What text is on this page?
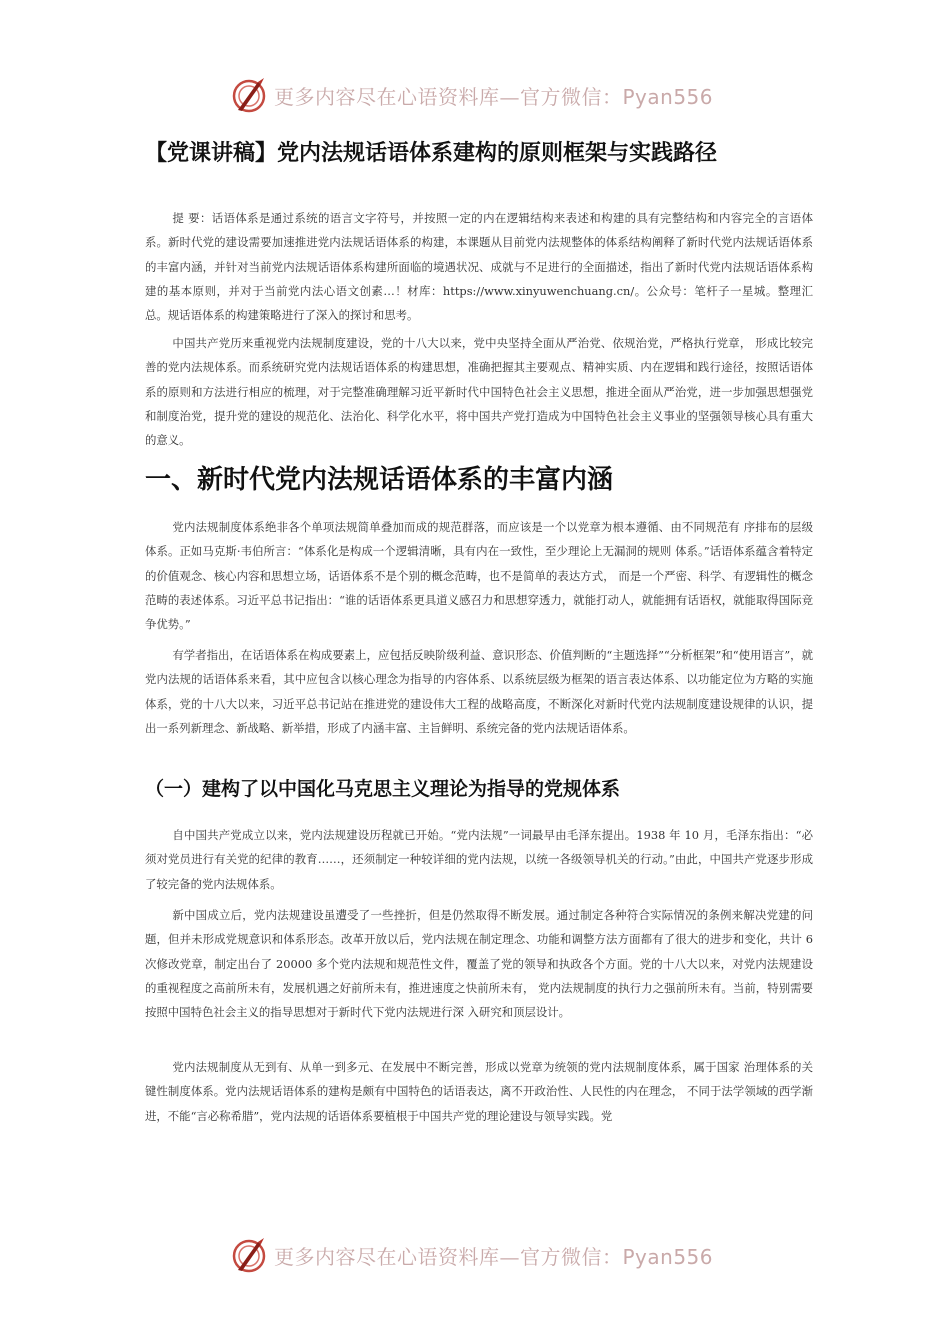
更多内容尽在心语资料库—官方微信：Pyan556
【党课讲稿】党内法规话语体系建构的原则框架与实践路径

提 要：话语体系是通过系统的语言文字符号，并按照一定的内在逻辑结构来表述和构建的具有完整结构和内容完全的言语体系。新时代党的建设需要加速推进党内法规话语体系的构建，本课题从目前党内法规整体的体系结构阐释了新时代党内法规话语体系的丰富内涵，并针对当前党内法规话语体系构建所面临的境遇状况、成就与不足进行的全面描述，指出了新时代党内法规话语体系构建的基本原则，并对于当前党内法心语文创素…！材库：https://www.xinyuwenchuang.cn/。公众号：笔杆子一星城。整理汇总。规话语体系的构建策略进行了深入的探讨和思考。

中国共产党历来重视党内法规制度建设，党的十八大以来，党中央坚持全面从严治党、依规治党，严格执行党章， 形成比较完善的党内法规体系。而系统研究党内法规话语体系的构建思想，准确把握其主要观点、精神实质、内在逻辑和践行途径，按照话语体系的原则和方法进行相应的梳理，对于完整准确理解习近平新时代中国特色社会主义思想，推进全面从严治党，进一步加强思想强党和制度治党，提升党的建设的规范化、法治化、科学化水平，将中国共产党打造成为中国特色社会主义事业的坚强领导核心具有重大的意义。

一、新时代党内法规话语体系的丰富内涵

党内法规制度体系绝非各个单项法规简单叠加而成的规范群落，而应该是一个以党章为根本遵循、由不同规范有 序排布的层级体系。正如马克斯·韦伯所言：“体系化是构成一个逻辑清晰，具有内在一致性，至少理论上无漏洞的规则 体系。”话语体系蕴含着特定的价值观念、核心内容和思想立场，话语体系不是个别的概念范畴，也不是简单的表达方式， 而是一个严密、科学、有逻辑性的概念范畴的表述体系。习近平总书记指出：“谁的话语体系更具道义感召力和思想穿透力，就能打动人，就能拥有话语权，就能取得国际竞争优势。”

有学者指出，在话语体系在构成要素上，应包括反映阶级利益、意识形态、价值判断的“主题选择”“分析框架”和“使用语言”，就党内法规的话语体系来看，其中应包含以核心理念为指导的内容体系、以系统层级为框架的语言表达体系、以功能定位为方略的实施体系，党的十八大以来，习近平总书记站在推进党的建设伟大工程的战略高度，不断深化对新时代党内法规制度建设规律的认识，提出一系列新理念、新战略、新举措，形成了内涵丰富、主旨鲜明、系统完备的党内法规话语体系。

（一）建构了以中国化马克思主义理论为指导的党规体系

自中国共产党成立以来，党内法规建设历程就已开始。“党内法规”一词最早由毛泽东提出。1938 年 10 月，毛泽东指出：“必须对党员进行有关党的纪律的教育……，还须制定一种较详细的党内法规，以统一各级领导机关的行动。”由此，中国共产党逐步形成了较完备的党内法规体系。

新中国成立后，党内法规建设虽遭受了一些挫折，但是仍然取得不断发展。通过制定各种符合实际情况的条例来解决党建的问题，但并未形成党规意识和体系形态。改革开放以后，党内法规在制定理念、功能和调整方法方面都有了很大的进步和变化，共计 6 次修改党章，制定出台了 20000 多个党内法规和规范性文件，覆盖了党的领导和执政各个方面。党的十八大以来，对党内法规建设的重视程度之高前所未有，发展机遇之好前所未有，推进速度之快前所未有， 党内法规制度的执行力之强前所未有。当前，特别需要按照中国特色社会主义的指导思想对于新时代下党内法规进行深 入研究和顶层设计。

党内法规制度从无到有、从单一到多元、在发展中不断完善，形成以党章为统领的党内法规制度体系，属于国家 治理体系的关键性制度体系。党内法规话语体系的建构是颇有中国特色的话语表达，离不开政治性、人民性的内在理念， 不同于法学领域的西学渐进，不能“言必称希腊”，党内法规的话语体系要植根于中国共产党的理论建设与领导实践。党

更多内容尽在心语资料库—官方微信：Pyan556
